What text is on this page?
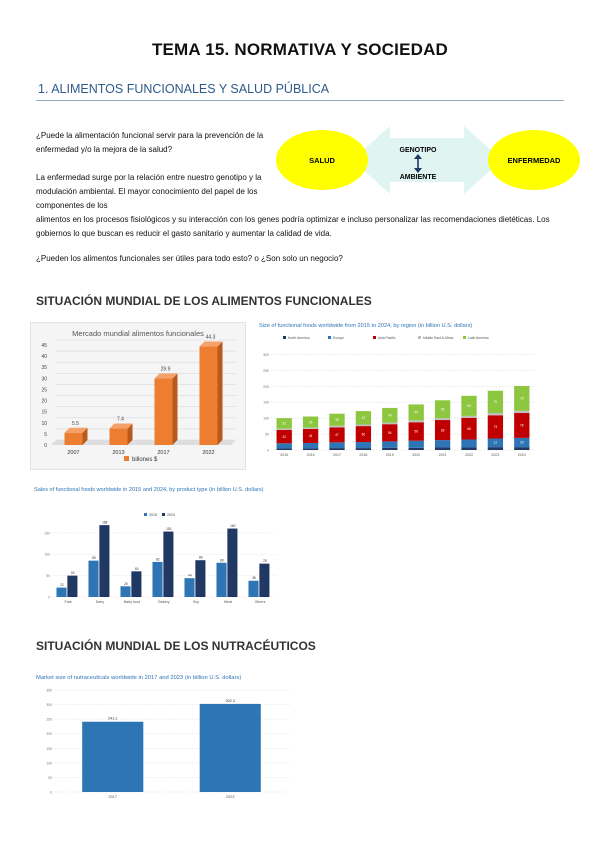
TEMA 15. NORMATIVA Y SOCIEDAD
1. ALIMENTOS FUNCIONALES Y SALUD PÚBLICA
¿Puede la alimentación funcional servir para la prevención de la enfermedad y/o la mejora de la salud?
La enfermedad surge por la relación entre nuestro genotipo y la modulación ambiental. El mayor conocimiento del papel de los componentes de los
alimentos en los procesos fisiológicos y su interacción con los genes podría optimizar e incluso personalizar las recomendaciones dietéticas. Los gobiernos lo que buscan es reducir el gasto sanitario y aumentar la calidad de vida.
¿Pueden los alimentos funcionales ser útiles para todo esto? o ¿Son solo un negocio?
SALUD	ENFERMEDAD
GENOTIPO
AMBIENTE
SITUACIÓN MUNDIAL DE LOS ALIMENTOS FUNCIONALES
Mercado mundial alimentos funcionales
0
5
10
15
20
25
30
35
40
45
5.5
2007
7.4
2013
29.9
2017
44.3
2022
billones $
Size of functional foods worldwide from 2015 to 2024, by region (in billion U.S. dollars)
0
50
100
150
200
250
300
North America	Europe	Asia Pacific	Middle East & Africa	Latin America
42
33
2015
44
35
2016
47
38
2017
50
42
2018
54
46
2019
58
50
2020
63
56
2021
68
63
2022
27
73
70
2023
29
78
78
2024
Sales of functional foods worldwide in 2015 and 2024, by product type (in billion U.S. dollars)
0
50
100
150
2015	2024
22
50
Fats
85
168
Dairy
25
60
Baby food
82
153
Bakery
44
86
Soy
80
160
Meat
38
78
Others
SITUACIÓN MUNDIAL DE LOS NUTRACÉUTICOS
Market size of nutraceuticals worldwide in 2017 and 2023 (in billion U.S. dollars)
0
50
100
150
200
250
300
350
241.1
2017
302.3
2023
